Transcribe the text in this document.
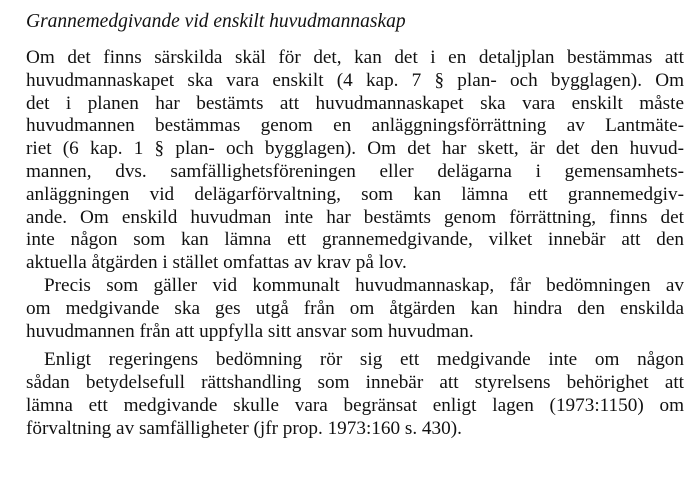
Grannemedgivande vid enskilt huvudmannaskap

Om det finns särskilda skäl för det, kan det i en detaljplan bestämmas att
huvudmannaskapet ska vara enskilt (4 kap. 7 § plan- och bygglagen). Om
det i planen har bestämts att huvudmannaskapet ska vara enskilt måste
huvudmannen bestämmas genom en anläggningsförrättning av Lantmäte-
riet (6 kap. 1 § plan- och bygglagen). Om det har skett, är det den huvud-
mannen, dvs. samfällighetsföreningen eller delägarna i gemensamhets-
anläggningen vid delägarförvaltning, som kan lämna ett grannemedgiv-
ande. Om enskild huvudman inte har bestämts genom förrättning, finns det
inte någon som kan lämna ett grannemedgivande, vilket innebär att den
aktuella åtgärden i stället omfattas av krav på lov.

Precis som gäller vid kommunalt huvudmannaskap, får bedömningen av
om medgivande ska ges utgå från om åtgärden kan hindra den enskilda
huvudmannen från att uppfylla sitt ansvar som huvudman.

Enligt regeringens bedömning rör sig ett medgivande inte om någon
sådan betydelsefull rättshandling som innebär att styrelsens behörighet att
lämna ett medgivande skulle vara begränsat enligt lagen (1973:1150) om
förvaltning av samfälligheter (jfr prop. 1973:160 s. 430).
